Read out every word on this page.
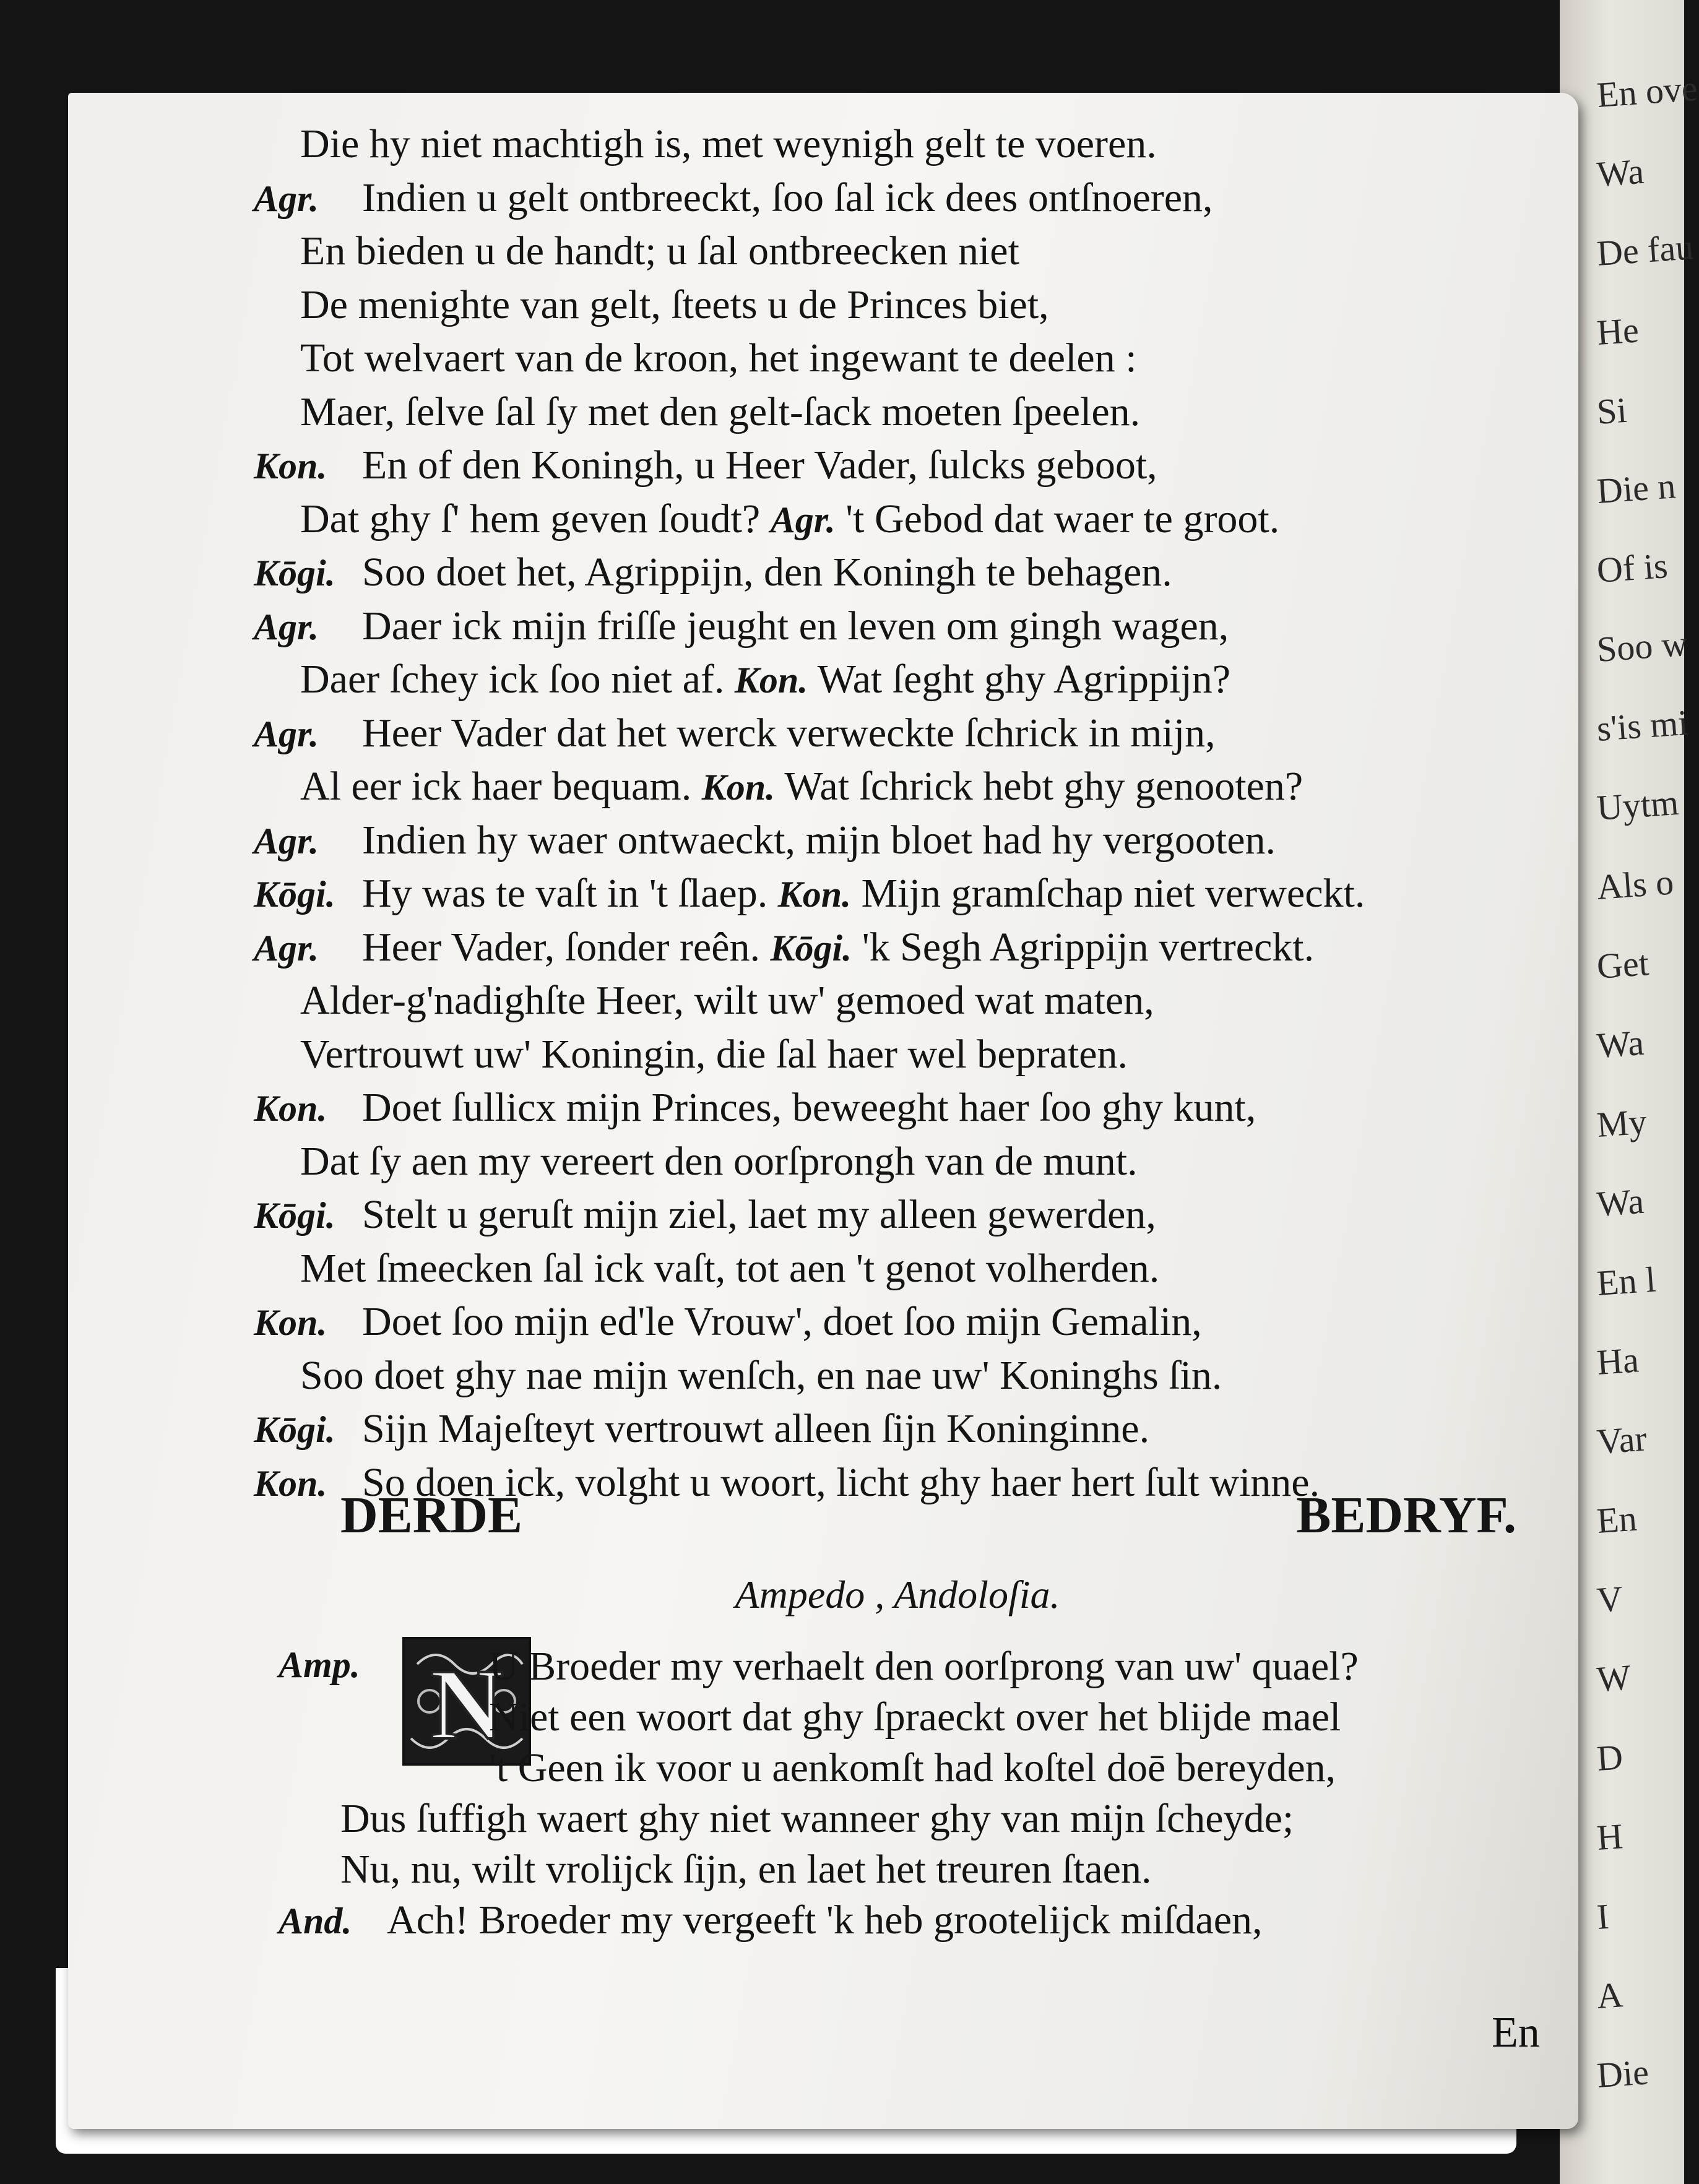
En ove
Wa
De fau
He
Si
Die n
Of is
Soo w
s'is mi
Uytm
Als o
Get
Wa
My
Wa
En l
Ha
Var
En
V
W
D
H
I
A
Die
Die hy niet machtigh is, met weynigh gelt te voeren.
Agr. Indien u gelt ontbreeckt, ſoo ſal ick dees ontſnoeren,
En bieden u de handt; u ſal ontbreecken niet
De menighte van gelt, ſteets u de Princes biet,
Tot welvaert van de kroon, het ingewant te deelen :
Maer, ſelve ſal ſy met den gelt-ſack moeten ſpeelen.
Kon. En of den Koningh, u Heer Vader, ſulcks geboot,
Dat ghy ſ' hem geven ſoudt? Agr. 't Gebod dat waer te groot.
Kōgi. Soo doet het, Agrippijn, den Koningh te behagen.
Agr. Daer ick mijn friſſe jeught en leven om gingh wagen,
Daer ſchey ick ſoo niet af. Kon. Wat ſeght ghy Agrippijn?
Agr. Heer Vader dat het werck verweckte ſchrick in mijn,
Al eer ick haer bequam. Kon. Wat ſchrick hebt ghy genooten?
Agr. Indien hy waer ontwaeckt, mijn bloet had hy vergooten.
Kōgi. Hy was te vaſt in 't ſlaep. Kon. Mijn gramſchap niet verweckt.
Agr. Heer Vader, ſonder reên. Kōgi. 'k Segh Agrippijn vertreckt.
Alder-g'nadighſte Heer, wilt uw' gemoed wat maten,
Vertrouwt uw' Koningin, die ſal haer wel bepraten.
Kon. Doet ſullicx mijn Princes, beweeght haer ſoo ghy kunt,
Dat ſy aen my vereert den oorſprongh van de munt.
Kōgi. Stelt u geruſt mijn ziel, laet my alleen gewerden,
Met ſmeecken ſal ick vaſt, tot aen 't genot volherden.
Kon. Doet ſoo mijn ed'le Vrouw', doet ſoo mijn Gemalin,
Soo doet ghy nae mijn wenſch, en nae uw' Koninghs ſin.
Kōgi. Sijn Majeſteyt vertrouwt alleen ſijn Koninginne.
Kon. So doen ick, volght u woort, licht ghy haer hert ſult winne.
DERDE	BEDRYF.
Ampedo , Andoloſia.
N
Amp.	U Broeder my verhaelt den oorſprong van uw' quael?
Niet een woort dat ghy ſpraeckt over het blijde mael
't Geen ik voor u aenkomſt had koſtel doē bereyden,
Dus ſuffigh waert ghy niet wanneer ghy van mijn ſcheyde;
Nu, nu, wilt vrolijck ſijn, en laet het treuren ſtaen.
And. Ach! Broeder my vergeeft 'k heb grootelijck miſdaen,
En
